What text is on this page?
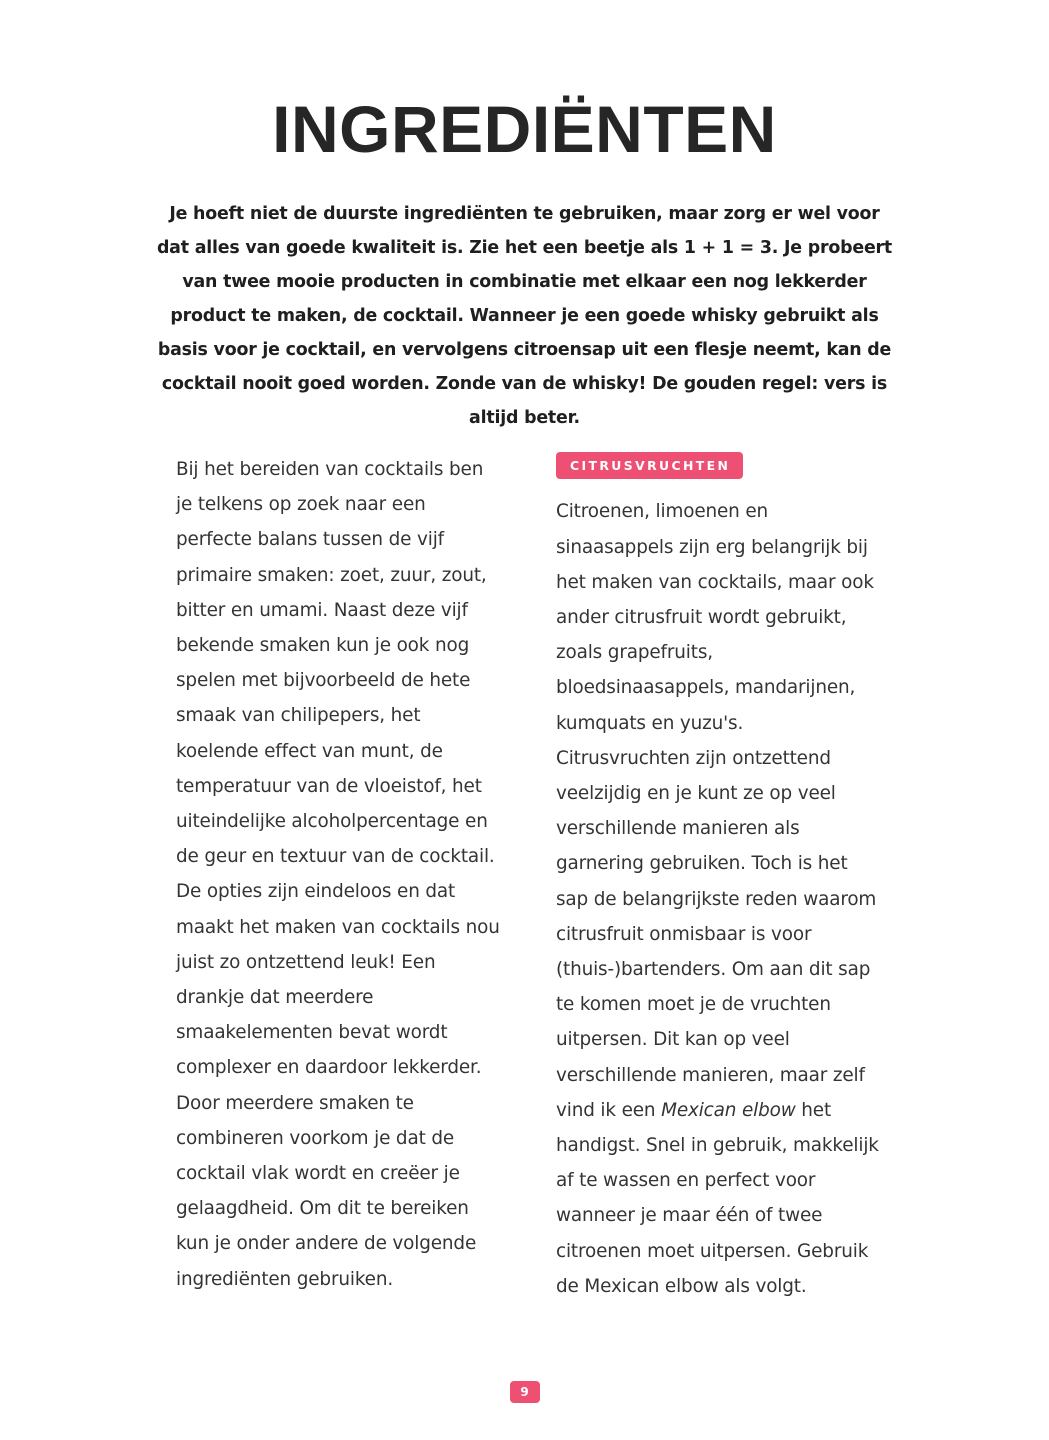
INGREDIËNTEN

Je hoeft niet de duurste ingrediënten te gebruiken, maar zorg er wel voor dat alles van goede kwaliteit is. Zie het een beetje als 1 + 1 = 3. Je probeert van twee mooie producten in combinatie met elkaar een nog lekkerder product te maken, de cocktail. Wanneer je een goede whisky gebruikt als basis voor je cocktail, en vervolgens citroensap uit een flesje neemt, kan de cocktail nooit goed worden. Zonde van de whisky! De gouden regel: vers is altijd beter.

Bij het bereiden van cocktails ben je telkens op zoek naar een perfecte balans tussen de vijf primaire smaken: zoet, zuur, zout, bitter en umami. Naast deze vijf bekende smaken kun je ook nog spelen met bijvoorbeeld de hete smaak van chilipepers, het koelende effect van munt, de temperatuur van de vloeistof, het uiteindelijke alcoholpercentage en de geur en textuur van de cocktail. De opties zijn eindeloos en dat maakt het maken van cocktails nou juist zo ontzettend leuk! Een drankje dat meerdere smaakelementen bevat wordt complexer en daardoor lekkerder. Door meerdere smaken te combineren voorkom je dat de cocktail vlak wordt en creëer je gelaagdheid. Om dit te bereiken kun je onder andere de volgende ingrediënten gebruiken.

CITRUSVRUCHTEN

Citroenen, limoenen en sinaasappels zijn erg belangrijk bij het maken van cocktails, maar ook ander citrusfruit wordt gebruikt, zoals grapefruits, bloedsinaasappels, mandarijnen, kumquats en yuzu's. Citrusvruchten zijn ontzettend veelzijdig en je kunt ze op veel verschillende manieren als garnering gebruiken. Toch is het sap de belangrijkste reden waarom citrusfruit onmisbaar is voor (thuis-)bartenders. Om aan dit sap te komen moet je de vruchten uitpersen. Dit kan op veel verschillende manieren, maar zelf vind ik een Mexican elbow het handigst. Snel in gebruik, makkelijk af te wassen en perfect voor wanneer je maar één of twee citroenen moet uitpersen. Gebruik de Mexican elbow als volgt.

9
